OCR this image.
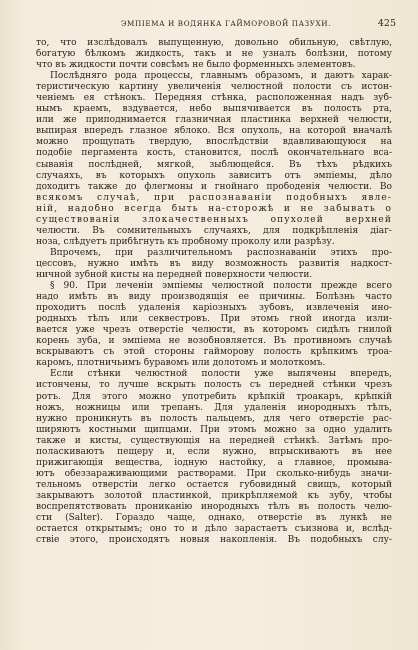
ЭМПІЕМА И ВОДЯНКА ГАЙМОРОВОЙ ПАЗУХИ.	425
то, что изслѣдовалъ выпущенную, довольно обильную, свѣтлую,
богатую бѣлкомъ жидкость, такъ и не узналъ болѣзни, потому
что въ жидкости почти совсѣмъ не было форменныхъ элементовъ.
Послѣдняго рода процессы, главнымъ образомъ, и даютъ харак-
теристическую картину увеличенія челюстной полости съ истон-
ченіемъ ея стѣнокъ. Передняя стѣнка, расположенная надъ зуб-
нымъ краемъ, вздувается, небо выпячивается въ полость рта,
или же приподнимается глазничная пластинка верхней челюсти,
выпирая впередъ глазное яблоко. Вся опухоль, на которой вначалѣ
можно прощупать твердую, впослѣдствіи вдавливающуюся на
подобіе пергамента кость, становится, послѣ окончательнаго вса-
сыванія послѣдней, мягкой, зыблющейся. Въ тѣхъ рѣдкихъ
случаяхъ, въ которыхъ опухоль зависитъ отъ эмпіемы, дѣло
доходитъ также до флегмоны и гнойнаго прободенія челюсти. Во
всякомъ случаѣ, при распознаваніи подобныхъ явле-
ній, надобно всегда быть на-сторожѣ и не забывать о
существованіи злокачественныхъ опухолей верхней
челюсти. Въ сомнительныхъ случаяхъ, для подкрѣпленія діаг-
ноза, слѣдуетъ прибѣгнуть къ пробному проколу или разрѣзу.
Впрочемъ, при различительномъ распознаваніи этихъ про-
цессовъ, нужно имѣть въ виду возможность развитія надкост-
ничной зубной кисты на передней поверхности челюсти.
§ 90. При леченіи эмпіемы челюстной полости прежде всего
надо имѣть въ виду производящія ее причины. Болѣзнь часто
проходитъ послѣ удаленія каріозныхъ зубовъ, извлеченія ино-
родныхъ тѣлъ или секвестровъ. При этомъ гной иногда изли-
вается уже чрезъ отверстіе челюсти, въ которомъ сидѣлъ гнилой
корень зуба, и эмпіема не возобновляется. Въ противномъ случаѣ
вскрываютъ съ этой стороны гайморову полость крѣпкимъ троа-
каромъ, плотничьимъ буравомъ или долотомъ и молоткомъ.
Если стѣнки челюстной полости уже выпячены впередъ,
истончены, то лучше вскрыть полость съ передней стѣнки чрезъ
ротъ. Для этого можно употребить крѣпкій троакаръ, крѣпкій
ножъ, ножницы или трепанъ. Для удаленія инородныхъ тѣлъ,
нужно проникнуть въ полость пальцемъ, для чего отверстіе рас-
ширяютъ костными щипцами. При этомъ можно за одно удалить
также и кисты, существующія на передней стѣнкѣ. Затѣмъ про-
полаcкиваютъ пещеру и, если нужно, впрыскиваютъ въ нее
прижигающія вещества, іодную настойку, а главное, промыва-
ютъ обеззараживающими растворами. При сколько-нибудь значи-
тельномъ отверстіи легко остается губовидный свищъ, который
закрываютъ золотой пластинкой, прикрѣпляемой къ зубу, чтобы
воспрепятствовать прониканію инородныхъ тѣлъ въ полость челю-
сти (Salter). Гораздо чаще, однако, отверстіе въ лункѣ не
остается открытымъ; оно то и дѣло зарастаетъ съизнова и, вслѣд-
ствіе этого, происходятъ новыя накопленія. Въ подобныхъ слу-
